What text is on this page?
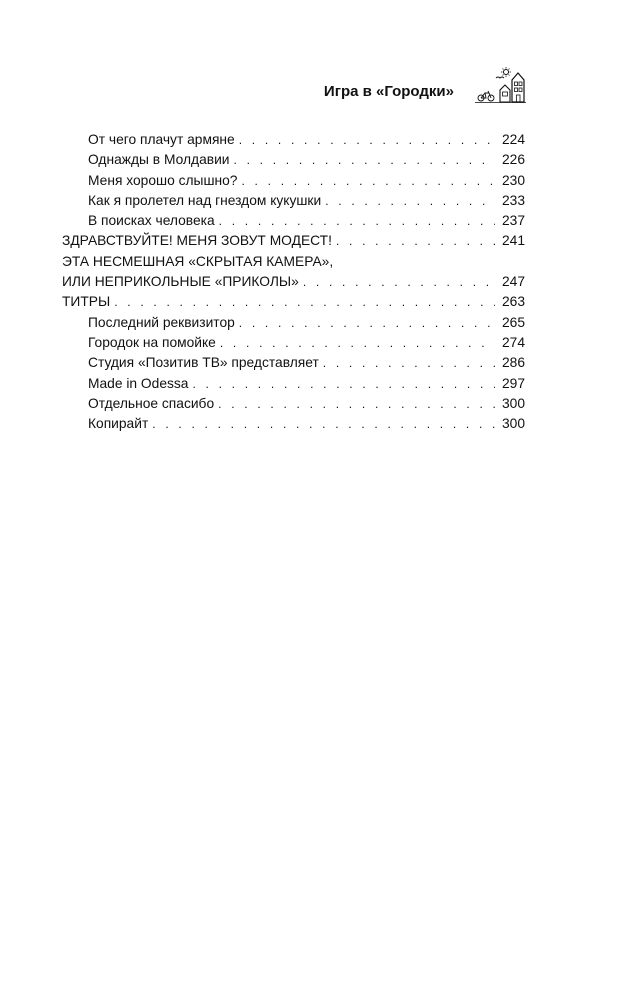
Игра в «Городки»
От чего плачут армяне . . .	224
Однажды в Молдавии . . .	226
Меня хорошо слышно? . . .	230
Как я пролетел над гнездом кукушки . . .	233
В поисках человека . . .	237
ЗДРАВСТВУЙТЕ! МЕНЯ ЗОВУТ МОДЕСТ! . . .	241
ЭТА НЕСМЕШНАЯ «СКРЫТАЯ КАМЕРА»,
ИЛИ НЕПРИКОЛЬНЫЕ «ПРИКОЛЫ» . . .	247
ТИТРЫ . . .	263
Последний реквизитор . . .	265
Городок на помойке . . .	274
Студия «Позитив ТВ» представляет . . .	286
Made in Odessa . . .	297
Отдельное спасибо . . .	300
Копирайт . . .	300
